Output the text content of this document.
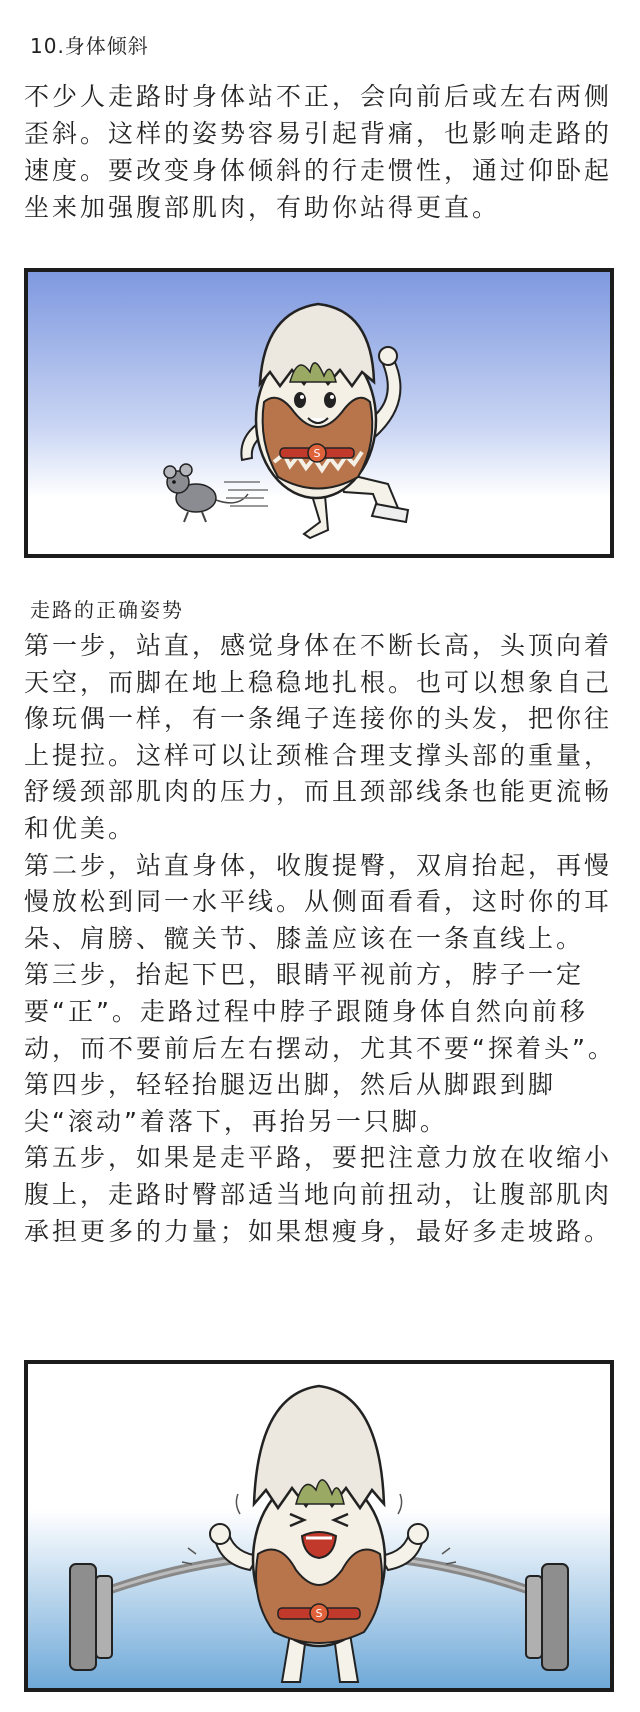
10.身体倾斜

不少人走路时身体站不正，会向前后或左右两侧歪斜。这样的姿势容易引起背痛，也影响走路的速度。要改变身体倾斜的行走惯性，通过仰卧起坐来加强腹部肌肉，有助你站得更直。

S
走路的正确姿势

第一步，站直，感觉身体在不断长高，头顶向着天空，而脚在地上稳稳地扎根。也可以想象自己像玩偶一样，有一条绳子连接你的头发，把你往上提拉。这样可以让颈椎合理支撑头部的重量，舒缓颈部肌肉的压力，而且颈部线条也能更流畅和优美。

第二步，站直身体，收腹提臀，双肩抬起，再慢慢放松到同一水平线。从侧面看看，这时你的耳朵、肩膀、髋关节、膝盖应该在一条直线上。

第三步，抬起下巴，眼睛平视前方，脖子一定要“正”。走路过程中脖子跟随身体自然向前移动，而不要前后左右摆动，尤其不要“探着头”。

第四步，轻轻抬腿迈出脚，然后从脚跟到脚尖“滚动”着落下，再抬另一只脚。

第五步，如果是走平路，要把注意力放在收缩小腹上，走路时臀部适当地向前扭动，让腹部肌肉承担更多的力量；如果想瘦身，最好多走坡路。

S
